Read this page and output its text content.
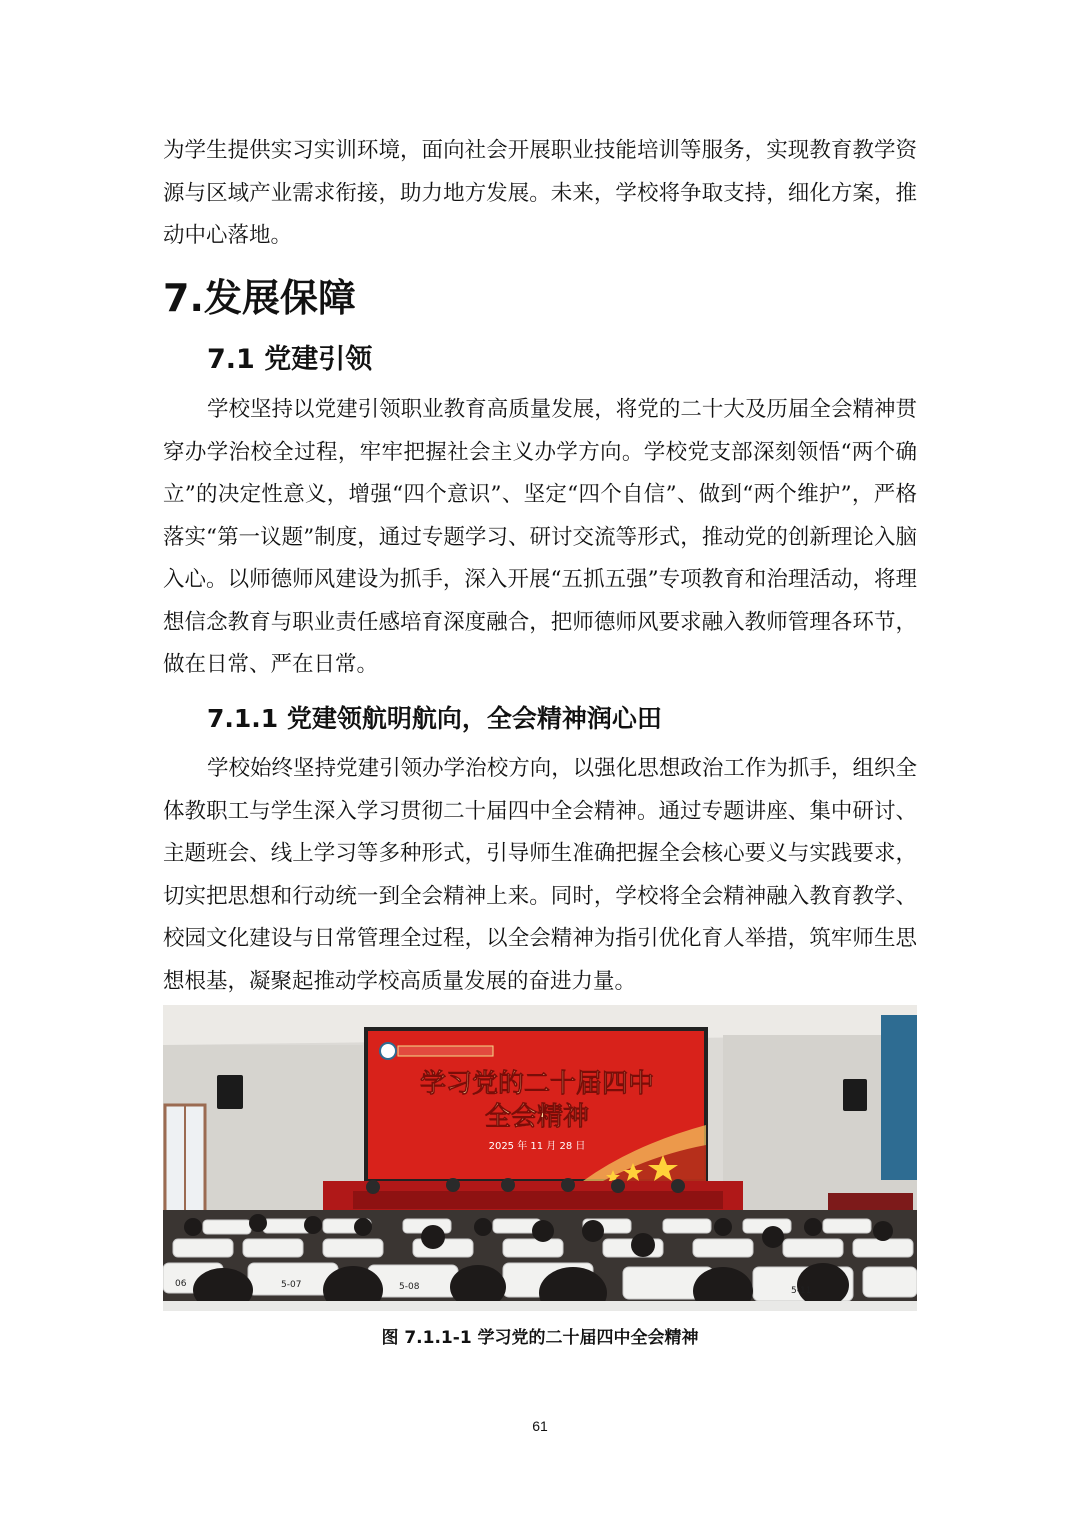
为学生提供实习实训环境，面向社会开展职业技能培训等服务，实现教育教学资源与区域产业需求衔接，助力地方发展。未来，学校将争取支持，细化方案，推动中心落地。

7.发展保障
7.1 党建引领

学校坚持以党建引领职业教育高质量发展，将党的二十大及历届全会精神贯穿办学治校全过程，牢牢把握社会主义办学方向。学校党支部深刻领悟“两个确立”的决定性意义，增强“四个意识”、坚定“四个自信”、做到“两个维护”，严格落实“第一议题”制度，通过专题学习、研讨交流等形式，推动党的创新理论入脑入心。以师德师风建设为抓手，深入开展“五抓五强”专项教育和治理活动，将理想信念教育与职业责任感培育深度融合，把师德师风要求融入教师管理各环节，做在日常、严在日常。

7.1.1 党建领航明航向，全会精神润心田

学校始终坚持党建引领办学治校方向，以强化思想政治工作为抓手，组织全体教职工与学生深入学习贯彻二十届四中全会精神。通过专题讲座、集中研讨、主题班会、线上学习等多种形式，引导师生准确把握全会核心要义与实践要求，切实把思想和行动统一到全会精神上来。同时，学校将全会精神融入教育教学、校园文化建设与日常管理全过程，以全会精神为指引优化育人举措，筑牢师生思想根基，凝聚起推动学校高质量发展的奋进力量。

学习党的二十届四中
全会精神
2025 年 11 月 28 日
06	5-07	5-08	5-11
图 7.1.1-1 学习党的二十届四中全会精神
61
